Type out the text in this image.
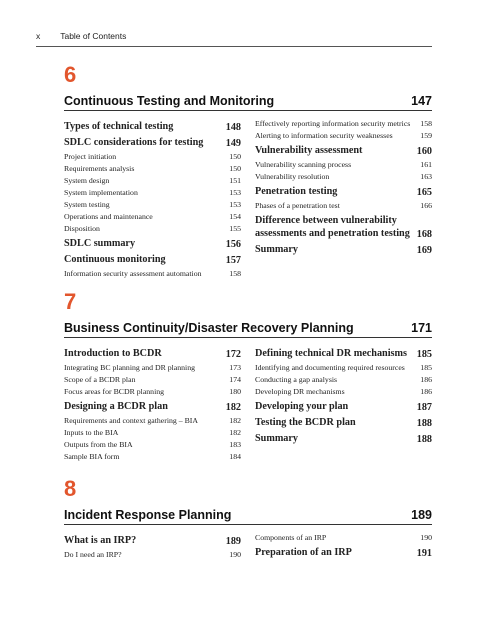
x Table of Contents
6
Continuous Testing and Monitoring	147
Types of technical testing	148
SDLC considerations for testing	149
Project initiation	150
Requirements analysis	150
System design	151
System implementation	153
System testing	153
Operations and maintenance	154
Disposition	155
SDLC summary	156
Continuous monitoring	157
Information security assessment automation	158
Effectively reporting information security metrics	158
Alerting to information security weaknesses	159
Vulnerability assessment	160
Vulnerability scanning process	161
Vulnerability resolution	163
Penetration testing	165
Phases of a penetration test	166
Difference between vulnerability assessments and penetration testing 168
Summary	169
7
Business Continuity/Disaster Recovery Planning	171
Introduction to BCDR	172
Integrating BC planning and DR planning	173
Scope of a BCDR plan	174
Focus areas for BCDR planning	180
Designing a BCDR plan	182
Requirements and context gathering – BIA	182
Inputs to the BIA	182
Outputs from the BIA	183
Sample BIA form	184
Defining technical DR mechanisms 185
Identifying and documenting required resources	185
Conducting a gap analysis	186
Developing DR mechanisms	186
Developing your plan	187
Testing the BCDR plan	188
Summary	188
8
Incident Response Planning	189
What is an IRP?	189
Do I need an IRP?	190
Components of an IRP	190
Preparation of an IRP	191
